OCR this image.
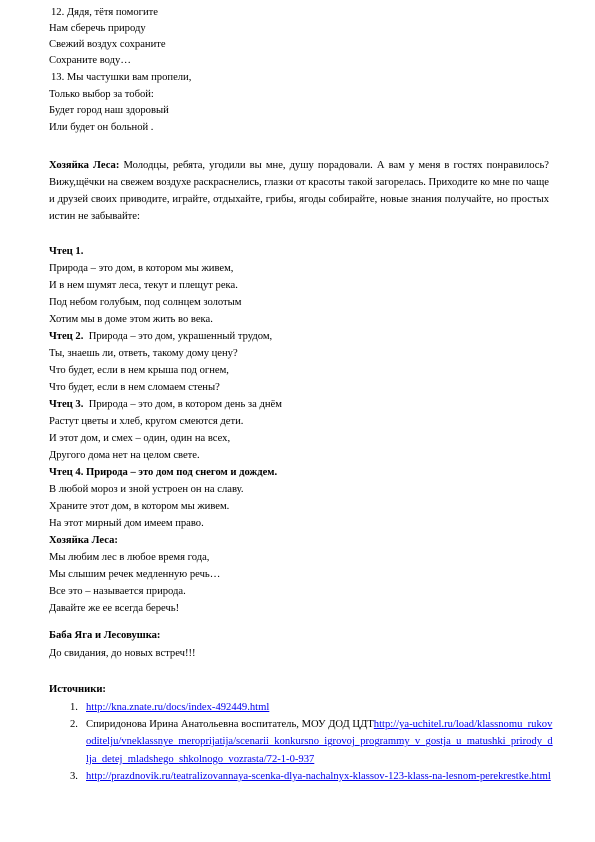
12. Дядя, тётя помогите
Нам сберечь природу
Свежий воздух сохраните
Сохраните воду…
13. Мы частушки вам пропели,
Только выбор за тобой:
Будет город наш здоровый
Или будет он больной .
Хозяйка Леса: Молодцы, ребята, угодили вы мне, душу порадовали. А вам у меня в гостях понравилось? Вижу,щёчки на свежем воздухе раскраснелись, глазки от красоты такой загорелась. Приходите ко мне по чаще и друзей своих приводите, играйте, отдыхайте, грибы, ягоды собирайте, новые знания получайте, но простых истин не забывайте:
Чтец 1.
Природа – это дом, в котором мы живем,
И в нем шумят леса, текут и плещут река.
Под небом голубым, под солнцем золотым
Хотим мы в доме этом жить во века.
Чтец 2.  Природа – это дом, украшенный трудом,
Ты, знаешь ли, ответь, такому дому цену?
Что будет, если в нем крыша под огнем,
Что будет, если в нем сломаем стены?
Чтец 3.  Природа – это дом, в котором день за днём
Растут цветы и хлеб, кругом смеются дети.
И этот дом, и смех – один, один на всех,
Другого дома нет на целом свете.
Чтец 4. Природа – это дом под снегом и дождем.
В любой мороз и зной устроен он на славу.
Храните этот дом, в котором мы живем.
На этот мирный дом имеем право.
Хозяйка Леса:
Мы любим лес в любое время года,
Мы слышим речек медленную речь…
Все это – называется природа.
Давайте же ее всегда беречь!
Баба Яга и Лесовушка:
До свидания, до новых встреч!!!
Источники:
1. http://kna.znate.ru/docs/index-492449.html
2. Спиридонова Ирина Анатольевна воспитатель, МОУ ДОД ЦДТhttp://ya-uchitel.ru/load/klassnomu_rukovoditelju/vneklassnye_meroprijatija/scenarii_konkursno_igrovoj_programmy_v_gostja_u_matushki_prirody_dlja_detej_mladshego_shkolnogo_vozrasta/72-1-0-937
3. http://prazdnovik.ru/teatralizovannaya-scenka-dlya-nachalnyx-klassov-123-klass-na-lesnom-perekrestke.html
